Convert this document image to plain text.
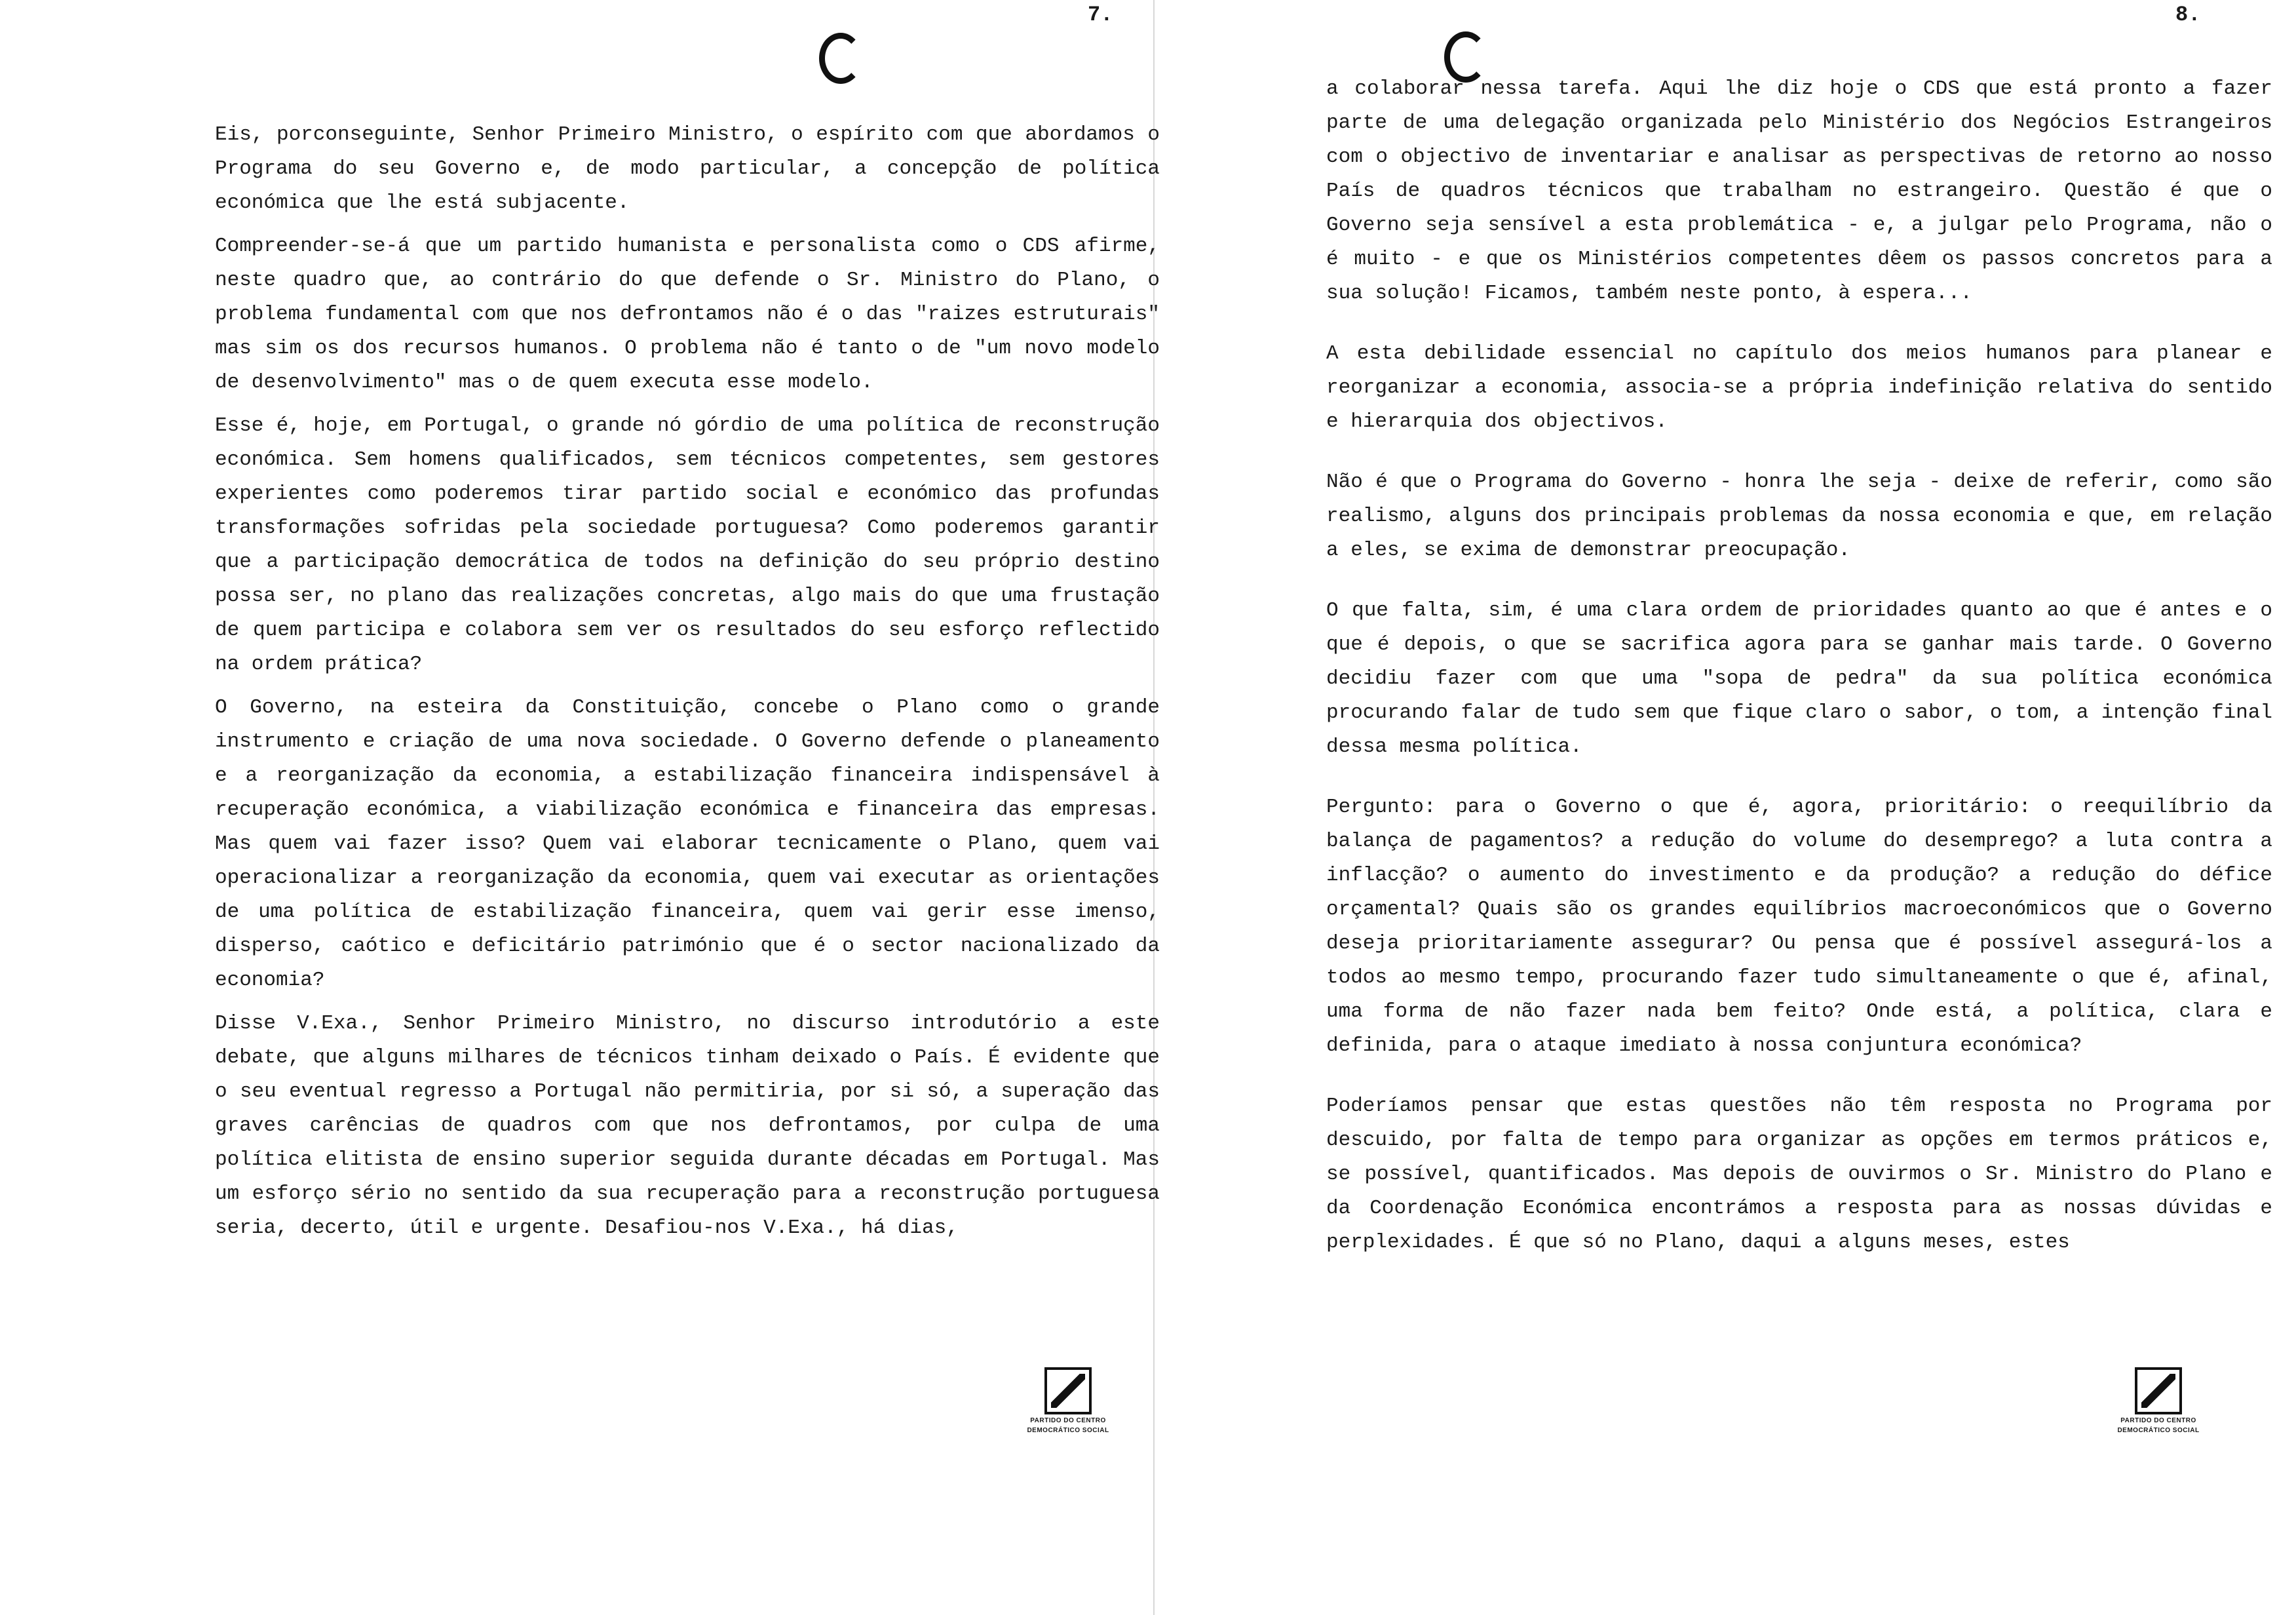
7.

Eis, porconseguinte, Senhor Primeiro Ministro, o espírito com que abordamos o Programa do seu Governo e, de modo particular, a concepção de política económica que lhe está subjacente.

Compreender-se-á que um partido humanista e personalista como o CDS afirme, neste quadro que, ao contrário do que defende o Sr. Ministro do Plano, o problema fundamental com que nos defrontamos não é o das "raizes estruturais" mas sim os dos recursos humanos. O problema não é tanto o de "um novo modelo de desenvolvimento" mas o de quem executa esse modelo.

Esse é, hoje, em Portugal, o grande nó górdio de uma política de reconstrução económica. Sem homens qualificados, sem técnicos competentes, sem gestores experientes como poderemos tirar partido social e económico das profundas transformações sofridas pela sociedade portuguesa? Como poderemos garantir que a participação democrática de todos na definição do seu próprio destino possa ser, no plano das realizações concretas, algo mais do que uma frustação de quem participa e colabora sem ver os resultados do seu esforço reflectido na ordem prática?

O Governo, na esteira da Constituição, concebe o Plano como o grande instrumento e criação de uma nova sociedade. O Governo defende o planeamento e a reorganização da economia, a estabilização financeira indispensável à recuperação económica, a viabilização económica e financeira das empresas. Mas quem vai fazer isso? Quem vai elaborar tecnicamente o Plano, quem vai operacionalizar a reorganização da economia, quem vai executar as orientações de uma política de estabilização financeira, quem vai gerir esse imenso, disperso, caótico e deficitário património que é o sector nacionalizado da economia?

Disse V.Exa., Senhor Primeiro Ministro, no discurso introdutório a este debate, que alguns milhares de técnicos tinham deixado o País. É evidente que o seu eventual regresso a Portugal não permitiria, por si só, a superação das graves carências de quadros com que nos defrontamos, por culpa de uma política elitista de ensino superior seguida durante décadas em Portugal. Mas um esforço sério no sentido da sua recuperação para a reconstrução portuguesa seria, decerto, útil e urgente. Desafiou-nos V.Exa., há dias,

PARTIDO DO CENTRO
DEMOCRÁTICO SOCIAL
8.

a colaborar nessa tarefa. Aqui lhe diz hoje o CDS que está pronto a fazer parte de uma delegação organizada pelo Ministério dos Negócios Estrangeiros com o objectivo de inventariar e analisar as perspectivas de retorno ao nosso País de quadros técnicos que trabalham no estrangeiro. Questão é que o Governo seja sensível a esta problemática - e, a julgar pelo Programa, não o é muito - e que os Ministérios competentes dêem os passos concretos para a sua solução! Ficamos, também neste ponto, à espera...

A esta debilidade essencial no capítulo dos meios humanos para planear e reorganizar a economia, associa-se a própria indefinição relativa do sentido e hierarquia dos objectivos.

Não é que o Programa do Governo - honra lhe seja - deixe de referir, como são realismo, alguns dos principais problemas da nossa economia e que, em relação a eles, se exima de demonstrar preocupação.

O que falta, sim, é uma clara ordem de prioridades quanto ao que é antes e o que é depois, o que se sacrifica agora para se ganhar mais tarde. O Governo decidiu fazer com que uma "sopa de pedra" da sua política económica procurando falar de tudo sem que fique claro o sabor, o tom, a intenção final dessa mesma política.

Pergunto: para o Governo o que é, agora, prioritário: o reequilíbrio da balança de pagamentos? a redução do volume do desemprego? a luta contra a inflacção? o aumento do investimento e da produção? a redução do défice orçamental? Quais são os grandes equilíbrios macroeconómicos que o Governo deseja prioritariamente assegurar? Ou pensa que é possível assegurá-los a todos ao mesmo tempo, procurando fazer tudo simultaneamente o que é, afinal, uma forma de não fazer nada bem feito? Onde está, a política, clara e definida, para o ataque imediato à nossa conjuntura económica?

Poderíamos pensar que estas questões não têm resposta no Programa por descuido, por falta de tempo para organizar as opções em termos práticos e, se possível, quantificados. Mas depois de ouvirmos o Sr. Ministro do Plano e da Coordenação Económica encontrámos a resposta para as nossas dúvidas e perplexidades. É que só no Plano, daqui a alguns meses, estes

PARTIDO DO CENTRO
DEMOCRÁTICO SOCIAL
